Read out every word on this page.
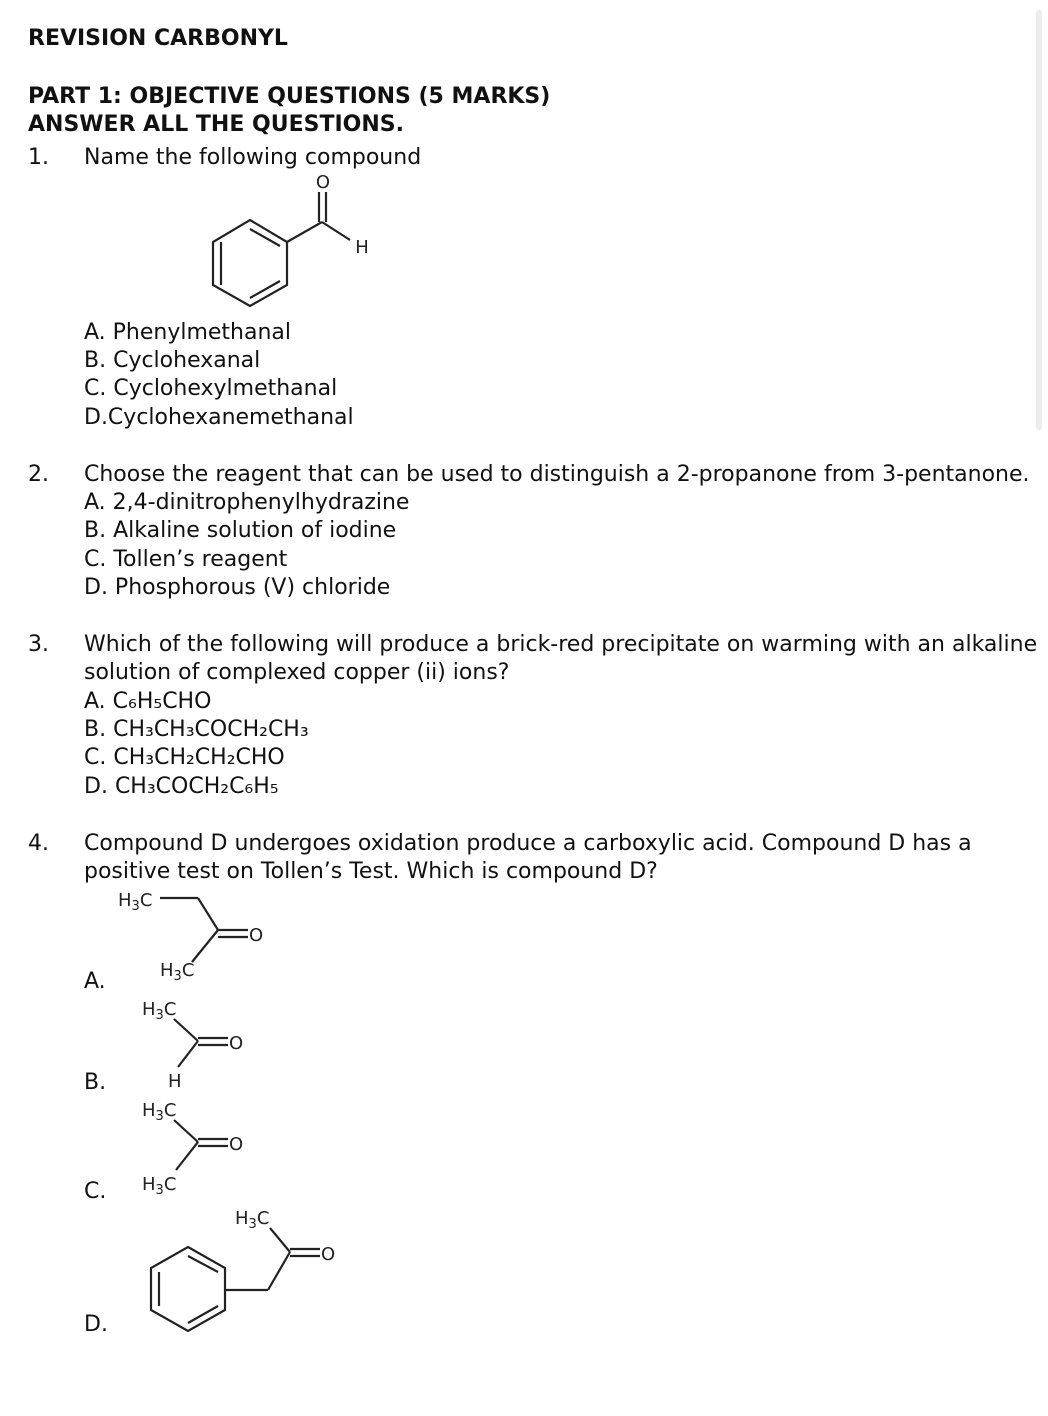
REVISION CARBONYL
PART 1: OBJECTIVE QUESTIONS (5 MARKS)
ANSWER ALL THE QUESTIONS.
1. Name the following compound
O
H
A. Phenylmethanal
B. Cyclohexanal
C. Cyclohexylmethanal
D.Cyclohexanemethanal
2. Choose the reagent that can be used to distinguish a 2-propanone from 3-pentanone.
A. 2,4-dinitrophenylhydrazine
B. Alkaline solution of iodine
C. Tollen’s reagent
D. Phosphorous (V) chloride
3. Which of the following will produce a brick-red precipitate on warming with an alkaline
solution of complexed copper (ii) ions?
A. C₆H₅CHO
B. CH₃CH₃COCH₂CH₃
C. CH₃CH₂CH₂CHO
D. CH₃COCH₂C₆H₅
4. Compound D undergoes oxidation produce a carboxylic acid. Compound D has a
positive test on Tollen’s Test. Which is compound D?
$H_3C$
O
$H_3C$
A.
$H_3C$
O
H
B.
$H_3C$
O
$H_3C$
C.
$H_3C$
O
D.
